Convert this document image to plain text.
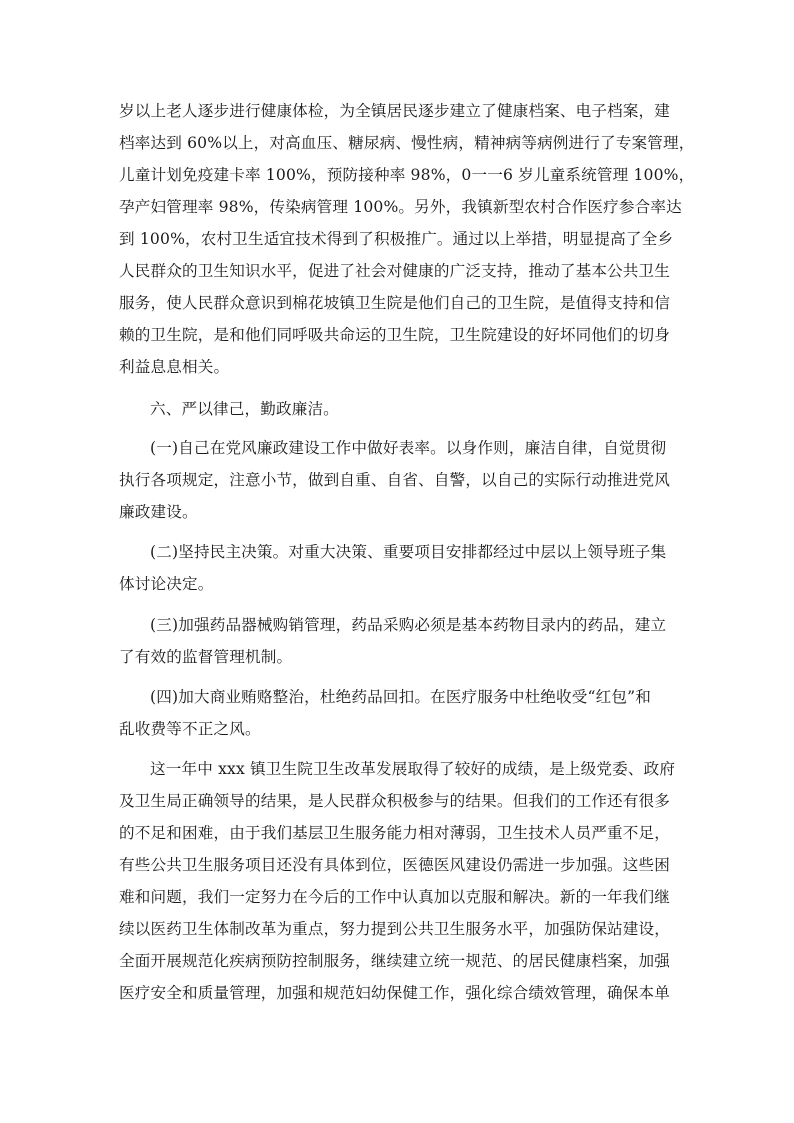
岁以上老人逐步进行健康体检，为全镇居民逐步建立了健康档案、电子档案，建
档率达到 60%以上，对高血压、糖尿病、慢性病，精神病等病例进行了专案管理，
儿童计划免疫建卡率 100%，预防接种率 98%，0一一6 岁儿童系统管理 100%，
孕产妇管理率 98%，传染病管理 100%。另外，我镇新型农村合作医疗参合率达
到 100%，农村卫生适宜技术得到了积极推广。通过以上举措，明显提高了全乡
人民群众的卫生知识水平，促进了社会对健康的广泛支持，推动了基本公共卫生
服务，使人民群众意识到棉花坡镇卫生院是他们自己的卫生院，是值得支持和信
赖的卫生院，是和他们同呼吸共命运的卫生院，卫生院建设的好坏同他们的切身
利益息息相关。
六、严以律己，勤政廉洁。
(一)自己在党风廉政建设工作中做好表率。以身作则，廉洁自律，自觉贯彻
执行各项规定，注意小节，做到自重、自省、自警，以自己的实际行动推进党风
廉政建设。
(二)坚持民主决策。对重大决策、重要项目安排都经过中层以上领导班子集
体讨论决定。
(三)加强药品器械购销管理，药品采购必须是基本药物目录内的药品，建立
了有效的监督管理机制。
(四)加大商业贿赂整治，杜绝药品回扣。在医疗服务中杜绝收受“红包”和
乱收费等不正之风。
这一年中 xxx 镇卫生院卫生改革发展取得了较好的成绩，是上级党委、政府
及卫生局正确领导的结果，是人民群众积极参与的结果。但我们的工作还有很多
的不足和困难，由于我们基层卫生服务能力相对薄弱，卫生技术人员严重不足，
有些公共卫生服务项目还没有具体到位，医德医风建设仍需进一步加强。这些困
难和问题，我们一定努力在今后的工作中认真加以克服和解决。新的一年我们继
续以医药卫生体制改革为重点，努力提到公共卫生服务水平，加强防保站建设，
全面开展规范化疾病预防控制服务，继续建立统一规范、的居民健康档案，加强
医疗安全和质量管理，加强和规范妇幼保健工作，强化综合绩效管理，确保本单
